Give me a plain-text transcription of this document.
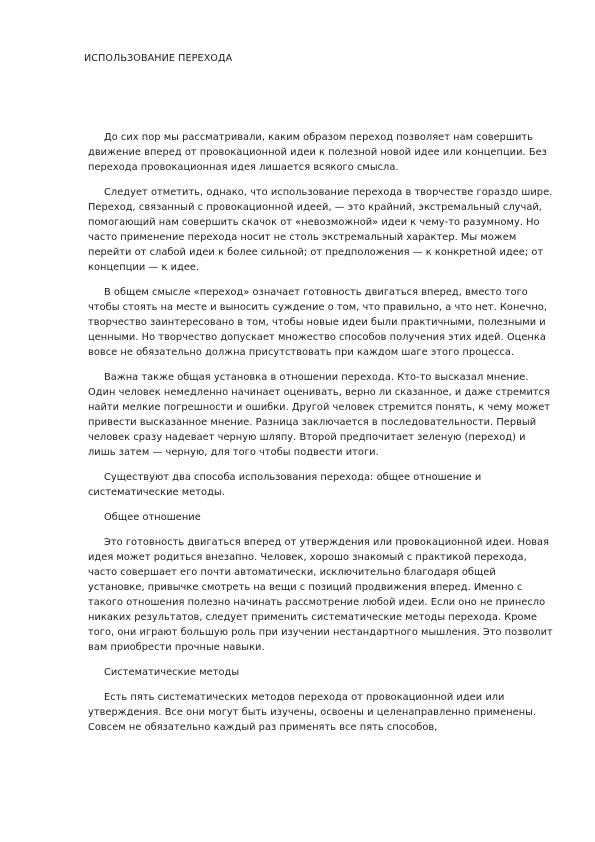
ИСПОЛЬЗОВАНИЕ ПЕРЕХОДА

До сих пор мы рассматривали, каким образом переход позволяет нам совершить движение вперед от провокационной идеи к полезной новой идее или концепции. Без перехода провокационная идея лишается всякого смысла.

Следует отметить, однако, что использование перехода в творчестве гораздо шире. Переход, связанный с провокационной идеей, — это крайний, экстремальный случай, помогающий нам совершить скачок от «невозможной» идеи к чему-то разумному. Но часто применение перехода носит не столь экстремальный характер. Мы можем перейти от слабой идеи к более сильной; от предположения — к конкретной идее; от концепции — к идее.

В общем смысле «переход» означает готовность двигаться вперед, вместо того чтобы стоять на месте и выносить суждение о том, что правильно, а что нет. Конечно, творчество заинтересовано в том, чтобы новые идеи были практичными, полезными и ценными. Но творчество допускает множество способов получения этих идей. Оценка вовсе не обязательно должна присутствовать при каждом шаге этого процесса.

Важна также общая установка в отношении перехода. Кто-то высказал мнение. Один человек немедленно начинает оценивать, верно ли сказанное, и даже стремится найти мелкие погрешности и ошибки. Другой человек стремится понять, к чему может привести высказанное мнение. Разница заключается в последовательности. Первый человек сразу надевает черную шляпу. Второй предпочитает зеленую (переход) и лишь затем — черную, для того чтобы подвести итоги.

Существуют два способа использования перехода: общее отношение и систематические методы.

Общее отношение

Это готовность двигаться вперед от утверждения или провокационной идеи. Новая идея может родиться внезапно. Человек, хорошо знакомый с практикой перехода, часто совершает его почти автоматически, исключительно благодаря общей установке, привычке смотреть на вещи с позиций продвижения вперед. Именно с такого отношения полезно начинать рассмотрение любой идеи. Если оно не принесло никаких результатов, следует применить систематические методы перехода. Кроме того, они играют большую роль при изучении нестандартного мышления. Это позволит вам приобрести прочные навыки.

Систематические методы

Есть пять систематических методов перехода от провокационной идеи или утверждения. Все они могут быть изучены, освоены и целенаправленно применены. Совсем не обязательно каждый раз применять все пять способов,
